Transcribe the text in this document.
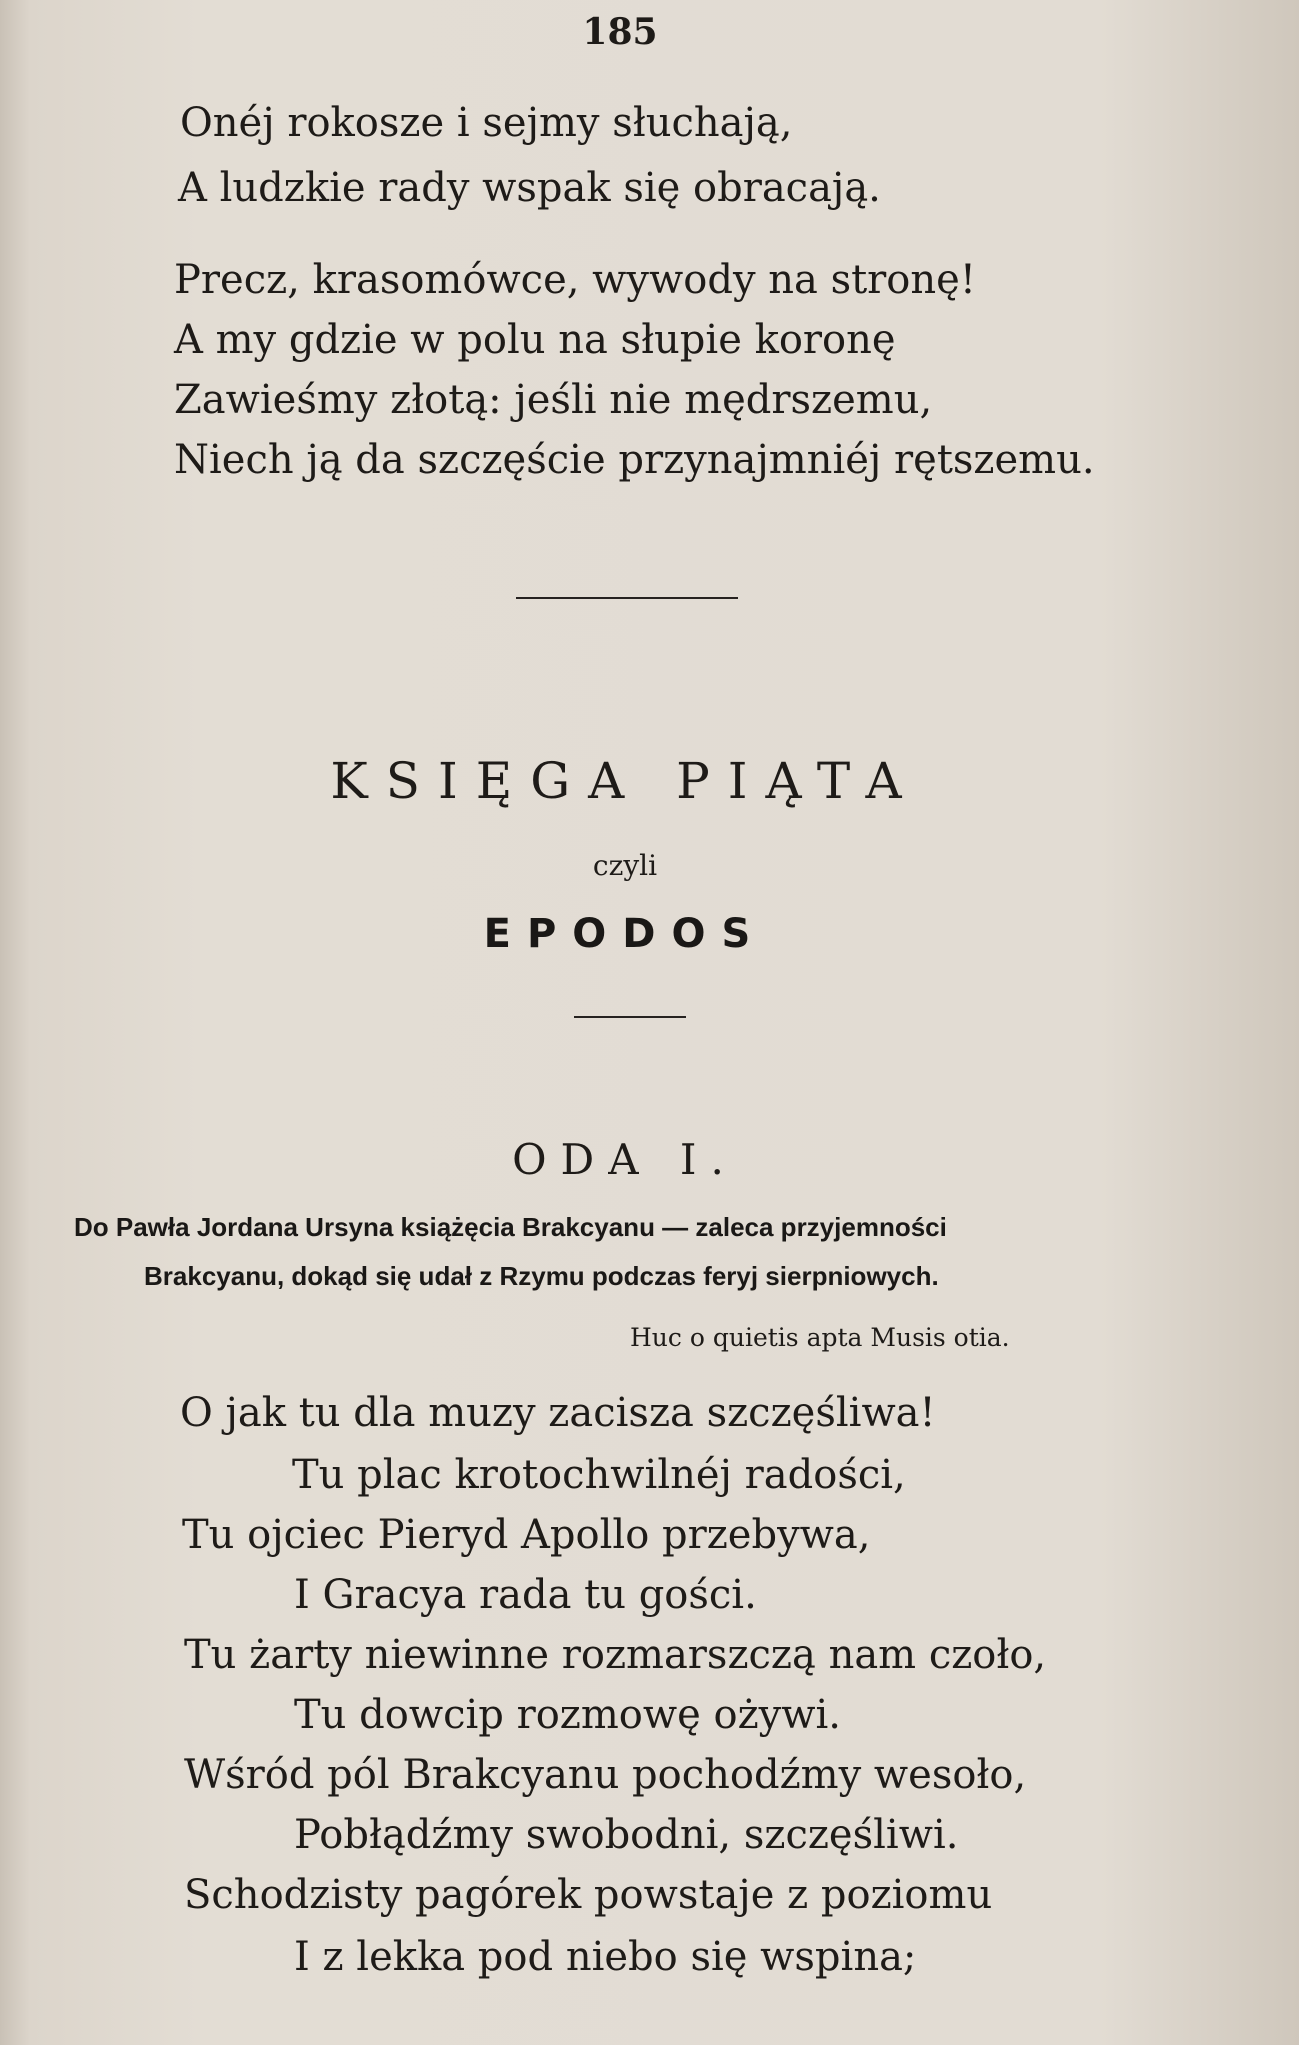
185
Onéj rokosze i sejmy słuchają,
A ludzkie rady wspak się obracają.
Precz, krasomówce, wywody na stronę!
A my gdzie w polu na słupie koronę
Zawieśmy złotą: jeśli nie mędrszemu,
Niech ją da szczęście przynajmniéj rętszemu.
KSIĘGA PIĄTA
czyli
EPODOS
ODA I.
Do Pawła Jordana Ursyna książęcia Brakcyanu — zaleca przyjemności
Brakcyanu, dokąd się udał z Rzymu podczas feryj sierpniowych.
Huc o quietis apta Musis otia.
O jak tu dla muzy zacisza szczęśliwa!
Tu plac krotochwilnéj radości,
Tu ojciec Pieryd Apollo przebywa,
I Gracya rada tu gości.
Tu żarty niewinne rozmarszczą nam czoło,
Tu dowcip rozmowę ożywi.
Wśród pól Brakcyanu pochodźmy wesoło,
Pobłądźmy swobodni, szczęśliwi.
Schodzisty pagórek powstaje z poziomu
I z lekka pod niebo się wspina;
